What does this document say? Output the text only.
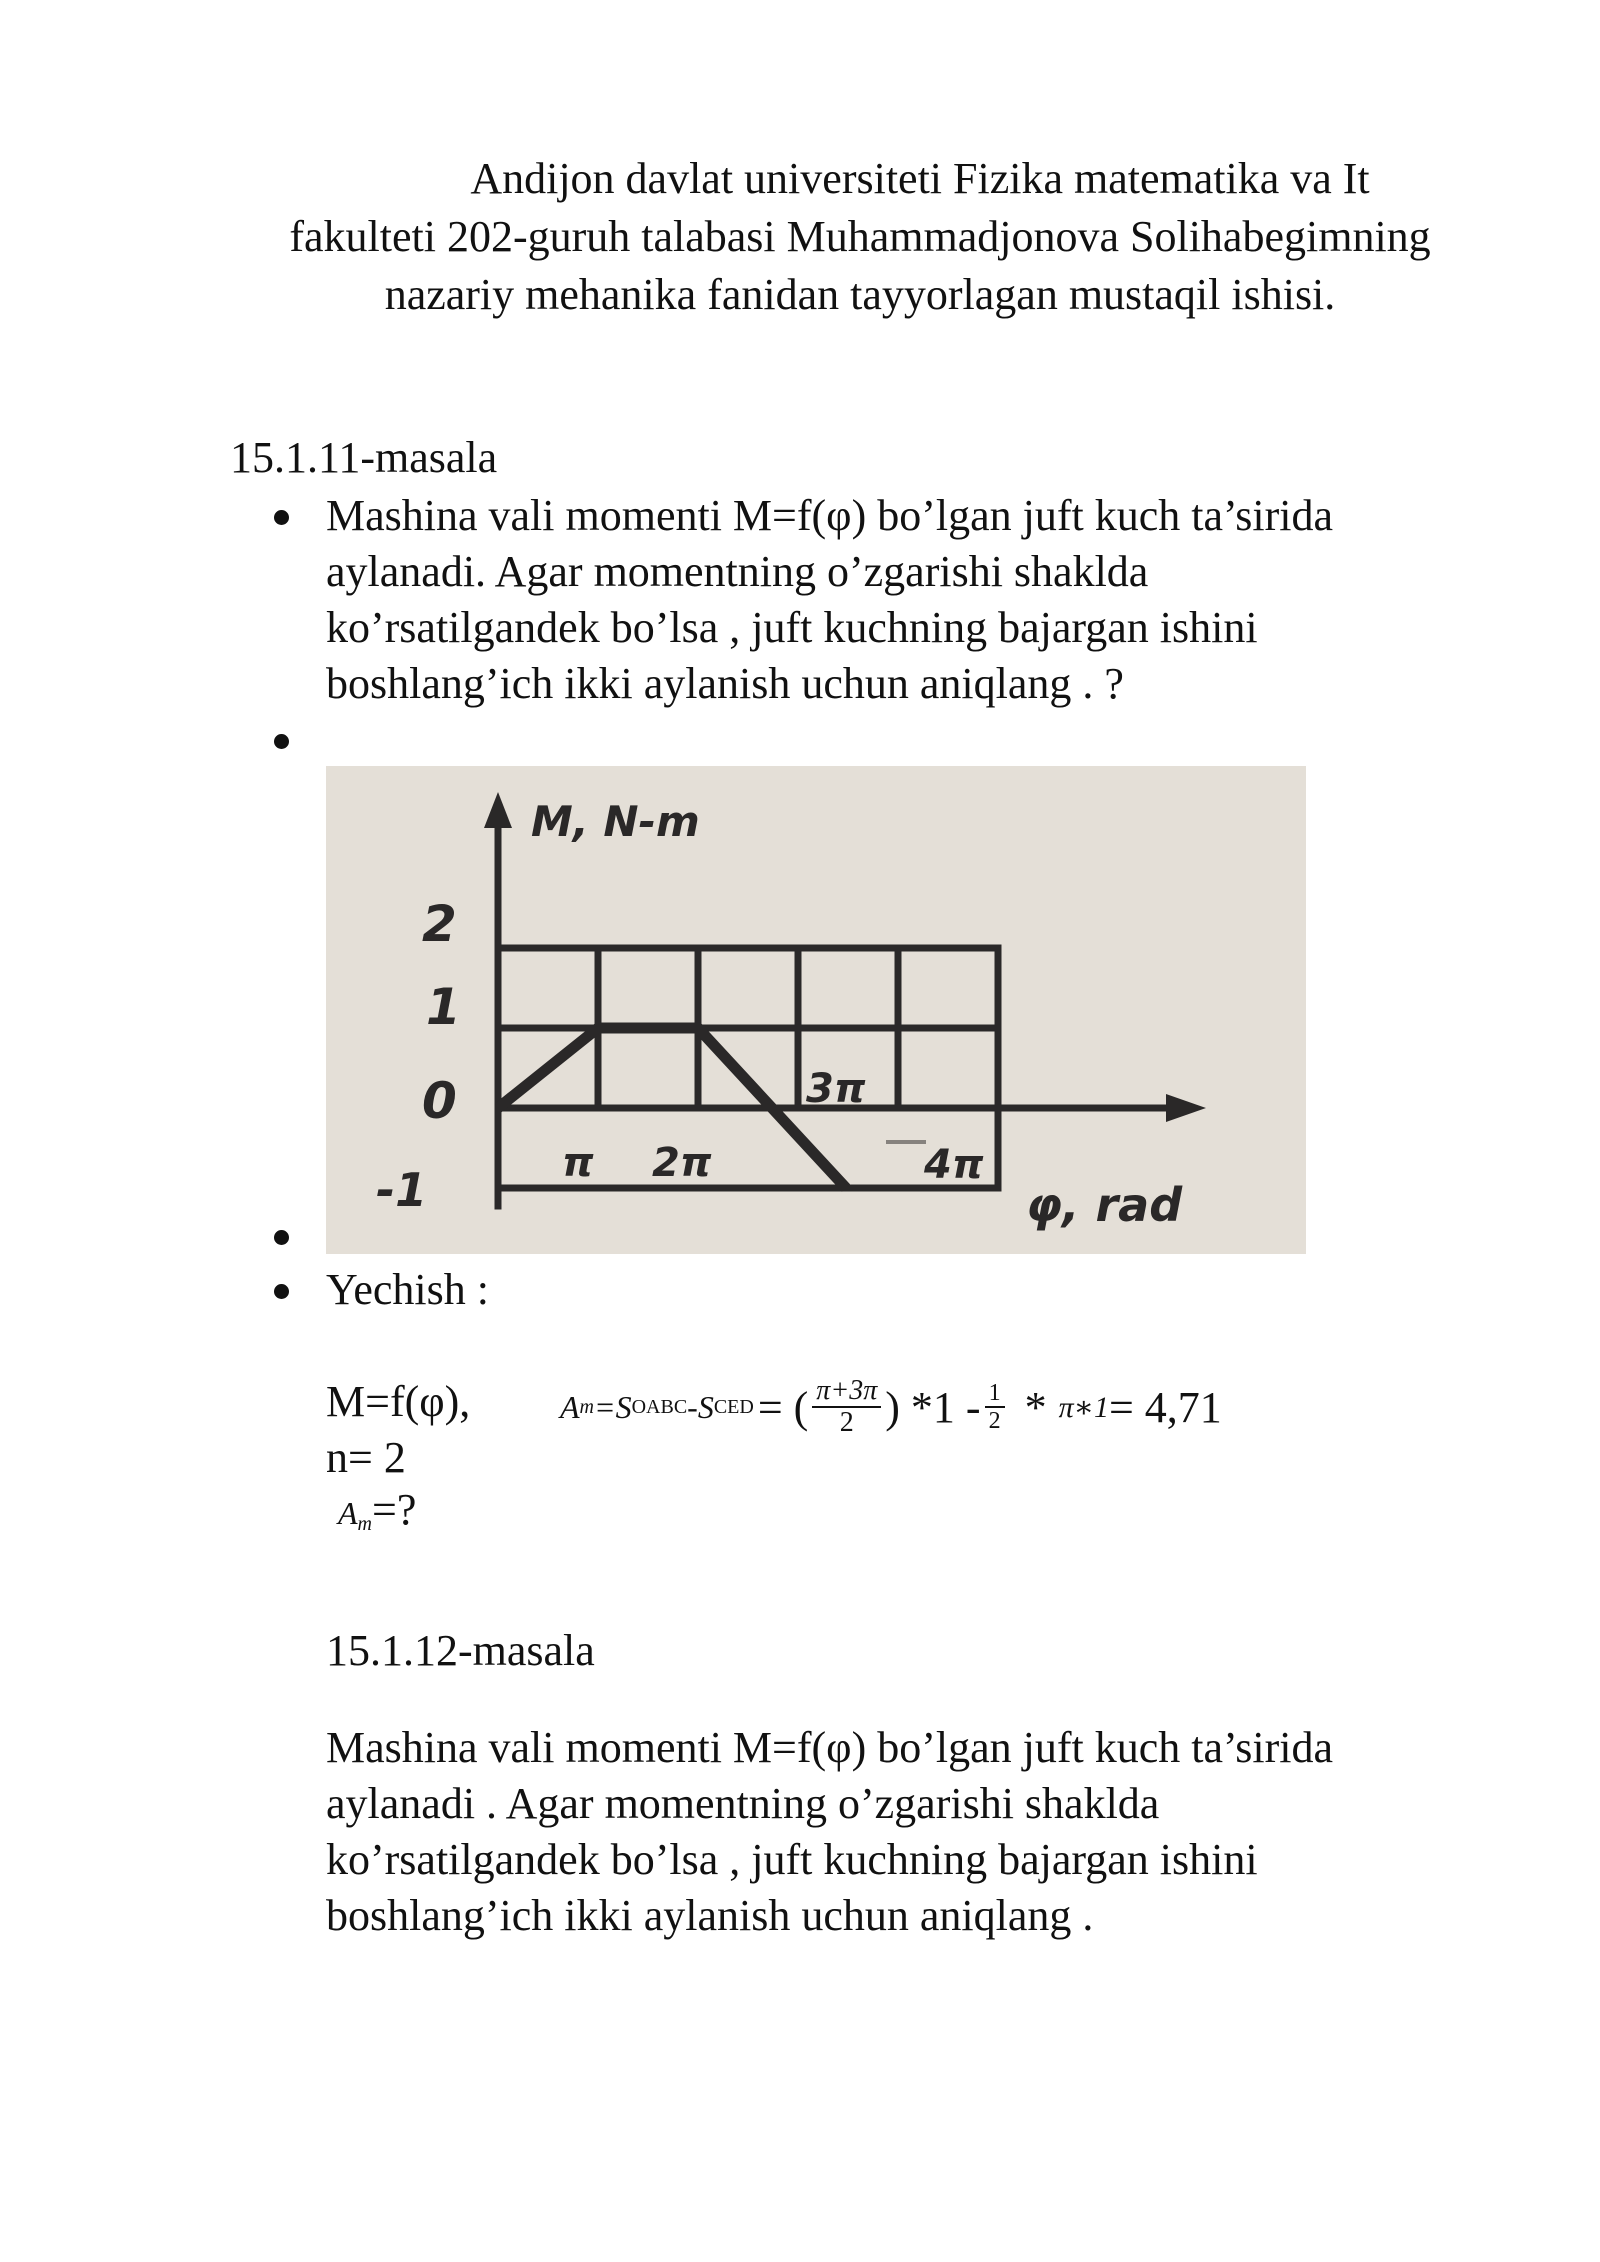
Andijon davlat universiteti Fizika matematika va It
fakulteti 202-guruh talabasi Muhammadjonova Solihabegimning
nazariy mehanika fanidan tayyorlagan mustaqil ishisi.
15.1.11-masala
Mashina vali momenti M=f(φ) bo’lgan juft kuch ta’sirida
aylanadi. Agar momentning o’zgarishi shaklda
ko’rsatilgandek bo’lsa , juft kuchning bajargan ishini
boshlang’ich ikki aylanish uchun aniqlang . ?
M, N-m
φ, rad
2
1
0
-1	π 2π
3π
4π
Yechish :
M=f(φ),
n= 2
$A_m=$?
A m =S OABC -S CED = ( $\frac{\pi+3\pi}{2}$ ) $*1 - \frac{1}{2}$ * π∗1 = 4,71
15.1.12-masala
Mashina vali momenti M=f(φ) bo’lgan juft kuch ta’sirida
aylanadi . Agar momentning o’zgarishi shaklda
ko’rsatilgandek bo’lsa , juft kuchning bajargan ishini
boshlang’ich ikki aylanish uchun aniqlang .
